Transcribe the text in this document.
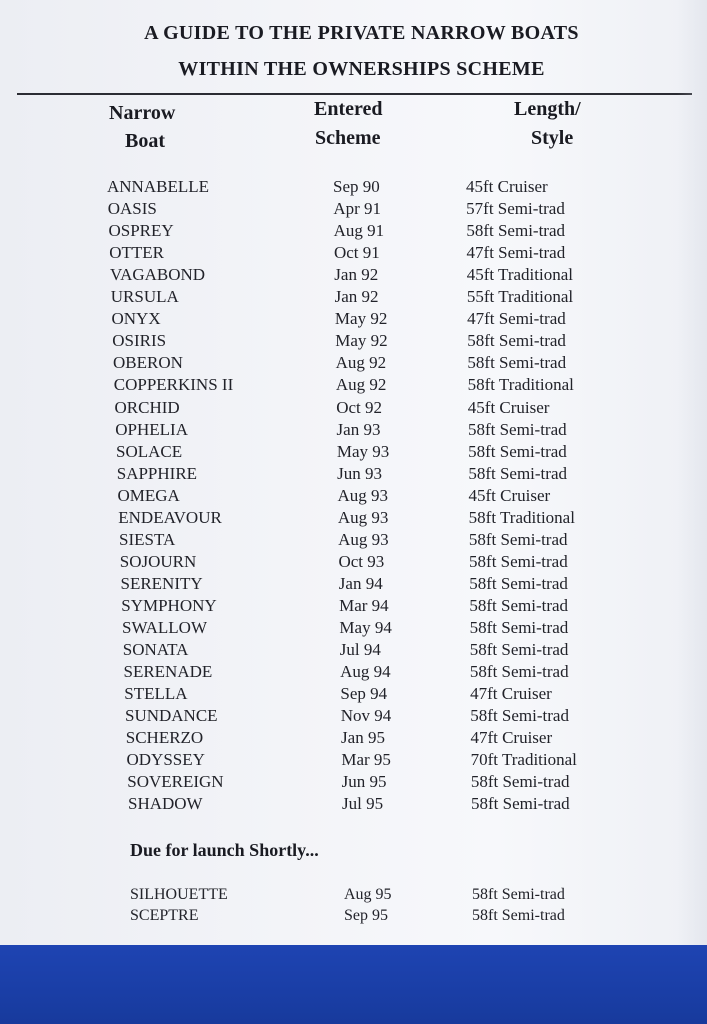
A GUIDE TO THE PRIVATE NARROW BOATS
WITHIN THE OWNERSHIPS SCHEME
Narrow
Boat
Entered
Scheme
Length/
Style
ANNABELLE	Sep 90	45ft Cruiser
OASIS	Apr 91	57ft Semi-trad
OSPREY	Aug 91	58ft Semi-trad
OTTER	Oct 91	47ft Semi-trad
VAGABOND	Jan 92	45ft Traditional
URSULA	Jan 92	55ft Traditional
ONYX	May 92	47ft Semi-trad
OSIRIS	May 92	58ft Semi-trad
OBERON	Aug 92	58ft Semi-trad
COPPERKINS II	Aug 92	58ft Traditional
ORCHID	Oct 92	45ft Cruiser
OPHELIA	Jan 93	58ft Semi-trad
SOLACE	May 93	58ft Semi-trad
SAPPHIRE	Jun 93	58ft Semi-trad
OMEGA	Aug 93	45ft Cruiser
ENDEAVOUR	Aug 93	58ft Traditional
SIESTA	Aug 93	58ft Semi-trad
SOJOURN	Oct 93	58ft Semi-trad
SERENITY	Jan 94	58ft Semi-trad
SYMPHONY	Mar 94	58ft Semi-trad
SWALLOW	May 94	58ft Semi-trad
SONATA	Jul 94	58ft Semi-trad
SERENADE	Aug 94	58ft Semi-trad
STELLA	Sep 94	47ft Cruiser
SUNDANCE	Nov 94	58ft Semi-trad
SCHERZO	Jan 95	47ft Cruiser
ODYSSEY	Mar 95	70ft Traditional
SOVEREIGN	Jun 95	58ft Semi-trad
SHADOW	Jul 95	58ft Semi-trad
Due for launch Shortly...
SILHOUETTE	Aug 95	58ft Semi-trad
SCEPTRE	Sep 95	58ft Semi-trad
